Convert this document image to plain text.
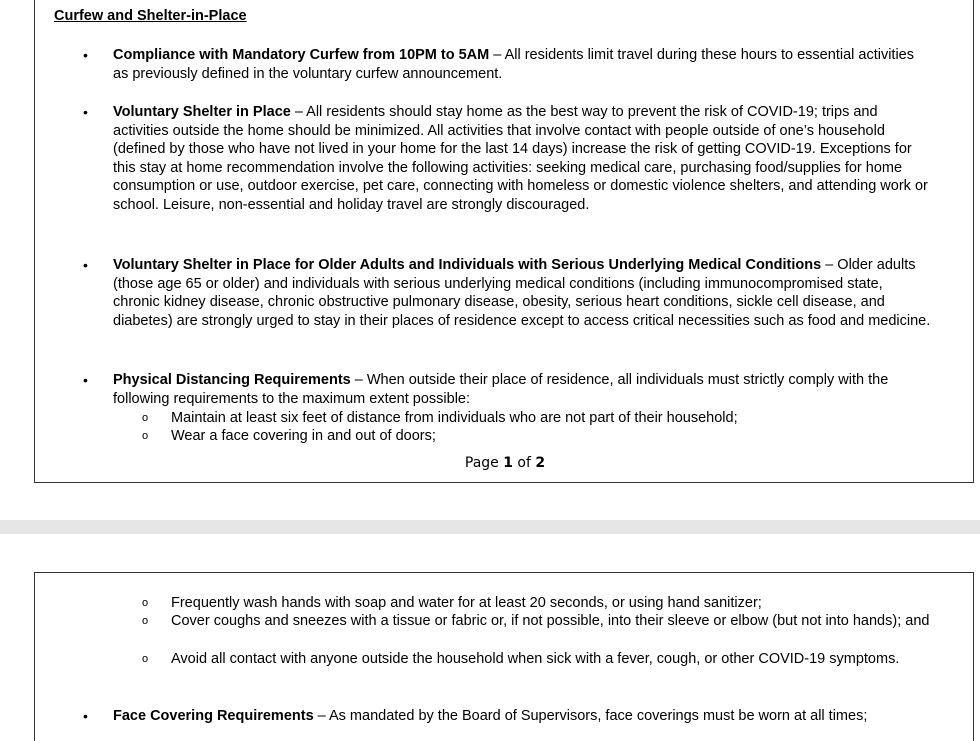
Curfew and Shelter-in-Place
• Compliance with Mandatory Curfew from 10PM to 5AM – All residents limit travel during these hours to essential activities as previously defined in the voluntary curfew announcement.
• Voluntary Shelter in Place – All residents should stay home as the best way to prevent the risk of COVID-19; trips and activities outside the home should be minimized. All activities that involve contact with people outside of one’s household (defined by those who have not lived in your home for the last 14 days) increase the risk of getting COVID-19. Exceptions for this stay at home recommendation involve the following activities: seeking medical care, purchasing food/supplies for home consumption or use, outdoor exercise, pet care, connecting with homeless or domestic violence shelters, and attending work or school. Leisure, non-essential and holiday travel are strongly discouraged.
• Voluntary Shelter in Place for Older Adults and Individuals with Serious Underlying Medical Conditions – Older adults (those age 65 or older) and individuals with serious underlying medical conditions (including immunocompromised state, chronic kidney disease, chronic obstructive pulmonary disease, obesity, serious heart conditions, sickle cell disease, and diabetes) are strongly urged to stay in their places of residence except to access critical necessities such as food and medicine.
• Physical Distancing Requirements – When outside their place of residence, all individuals must strictly comply with the following requirements to the maximum extent possible:
o Maintain at least six feet of distance from individuals who are not part of their household;
o Wear a face covering in and out of doors;
Page 1 of 2
o Frequently wash hands with soap and water for at least 20 seconds, or using hand sanitizer;
o Cover coughs and sneezes with a tissue or fabric or, if not possible, into their sleeve or elbow (but not into hands); and
o Avoid all contact with anyone outside the household when sick with a fever, cough, or other COVID-19 symptoms.
• Face Covering Requirements – As mandated by the Board of Supervisors, face coverings must be worn at all times;
